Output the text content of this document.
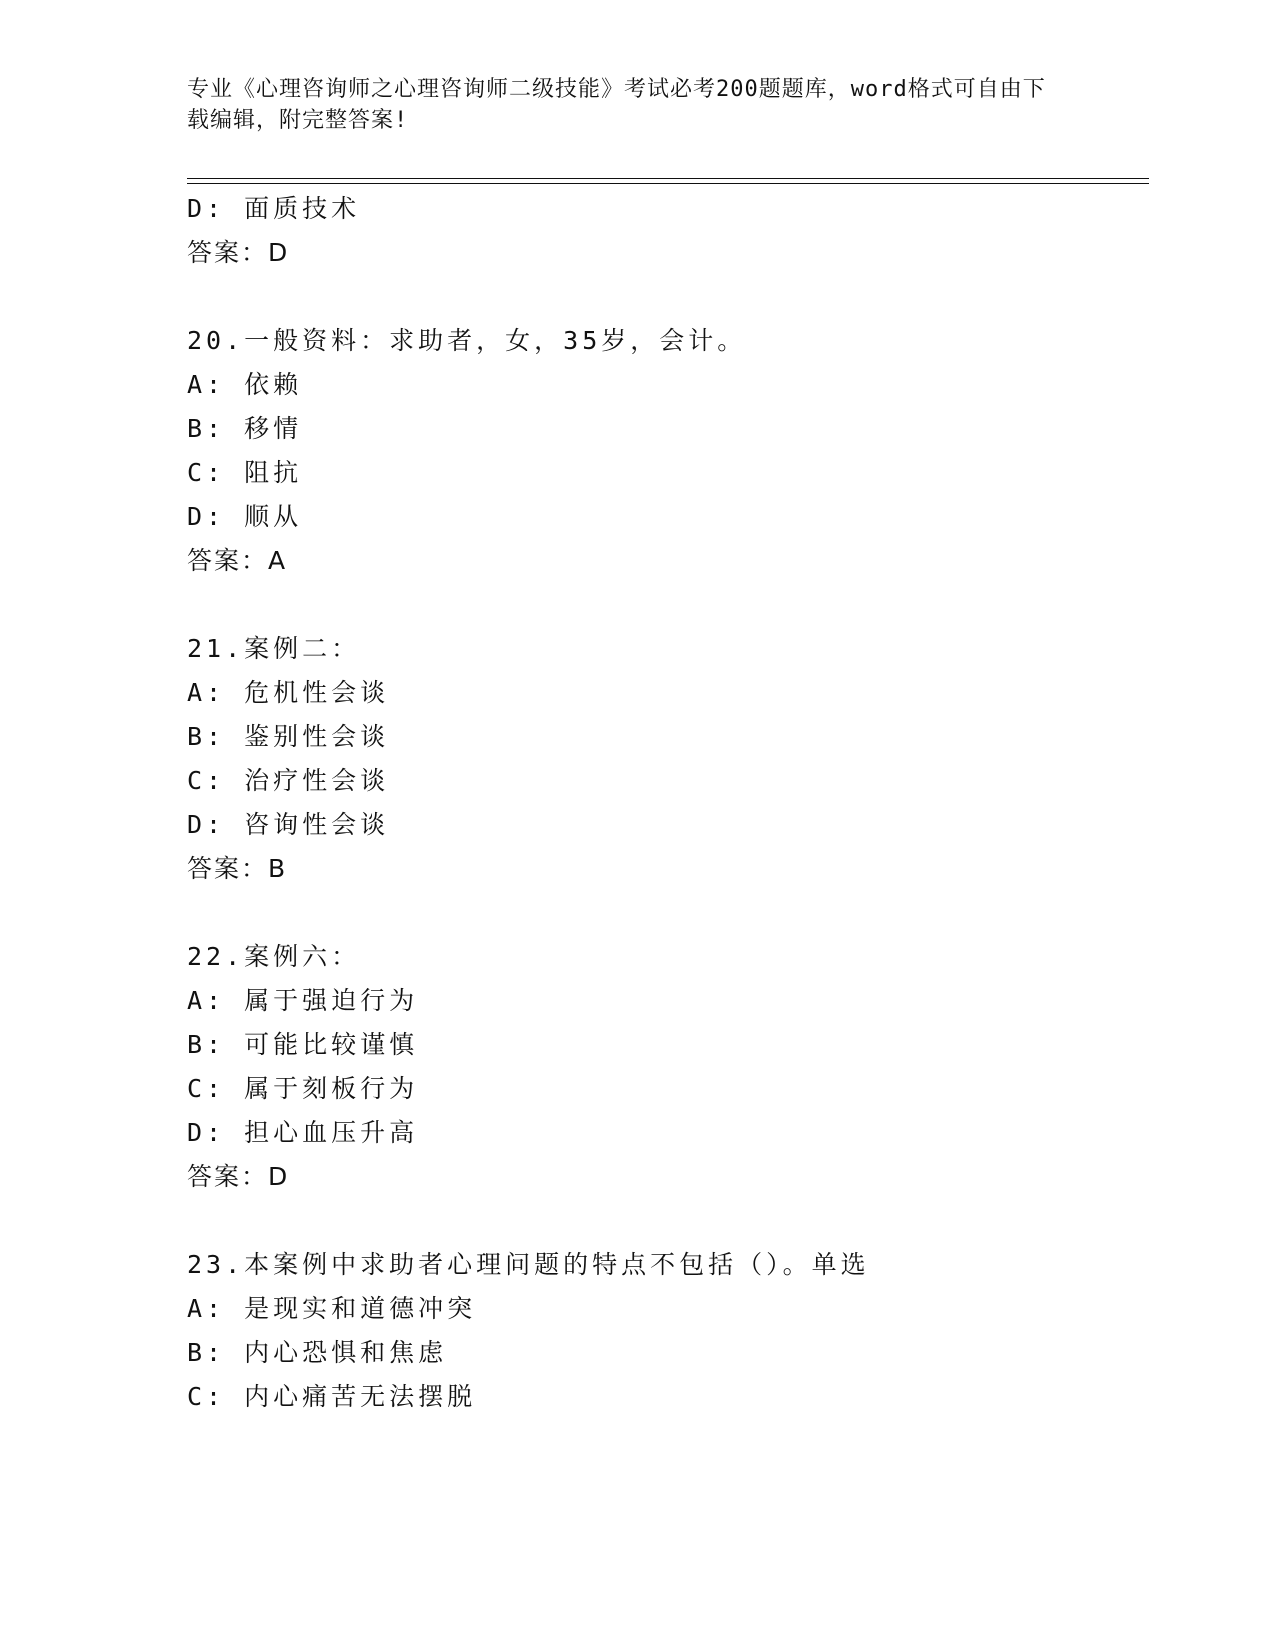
专业《心理咨询师之心理咨询师二级技能》考试必考200题题库，word格式可自由下载编辑，附完整答案!
D: 面质技术
答案：D
20.一般资料：求助者，女，35岁，会计。
A: 依赖
B: 移情
C: 阻抗
D: 顺从
答案：A
21.案例二：
A: 危机性会谈
B: 鉴别性会谈
C: 治疗性会谈
D: 咨询性会谈
答案：B
22.案例六：
A: 属于强迫行为
B: 可能比较谨慎
C: 属于刻板行为
D: 担心血压升高
答案：D
23.本案例中求助者心理问题的特点不包括（）。单选
A: 是现实和道德冲突
B: 内心恐惧和焦虑
C: 内心痛苦无法摆脱
